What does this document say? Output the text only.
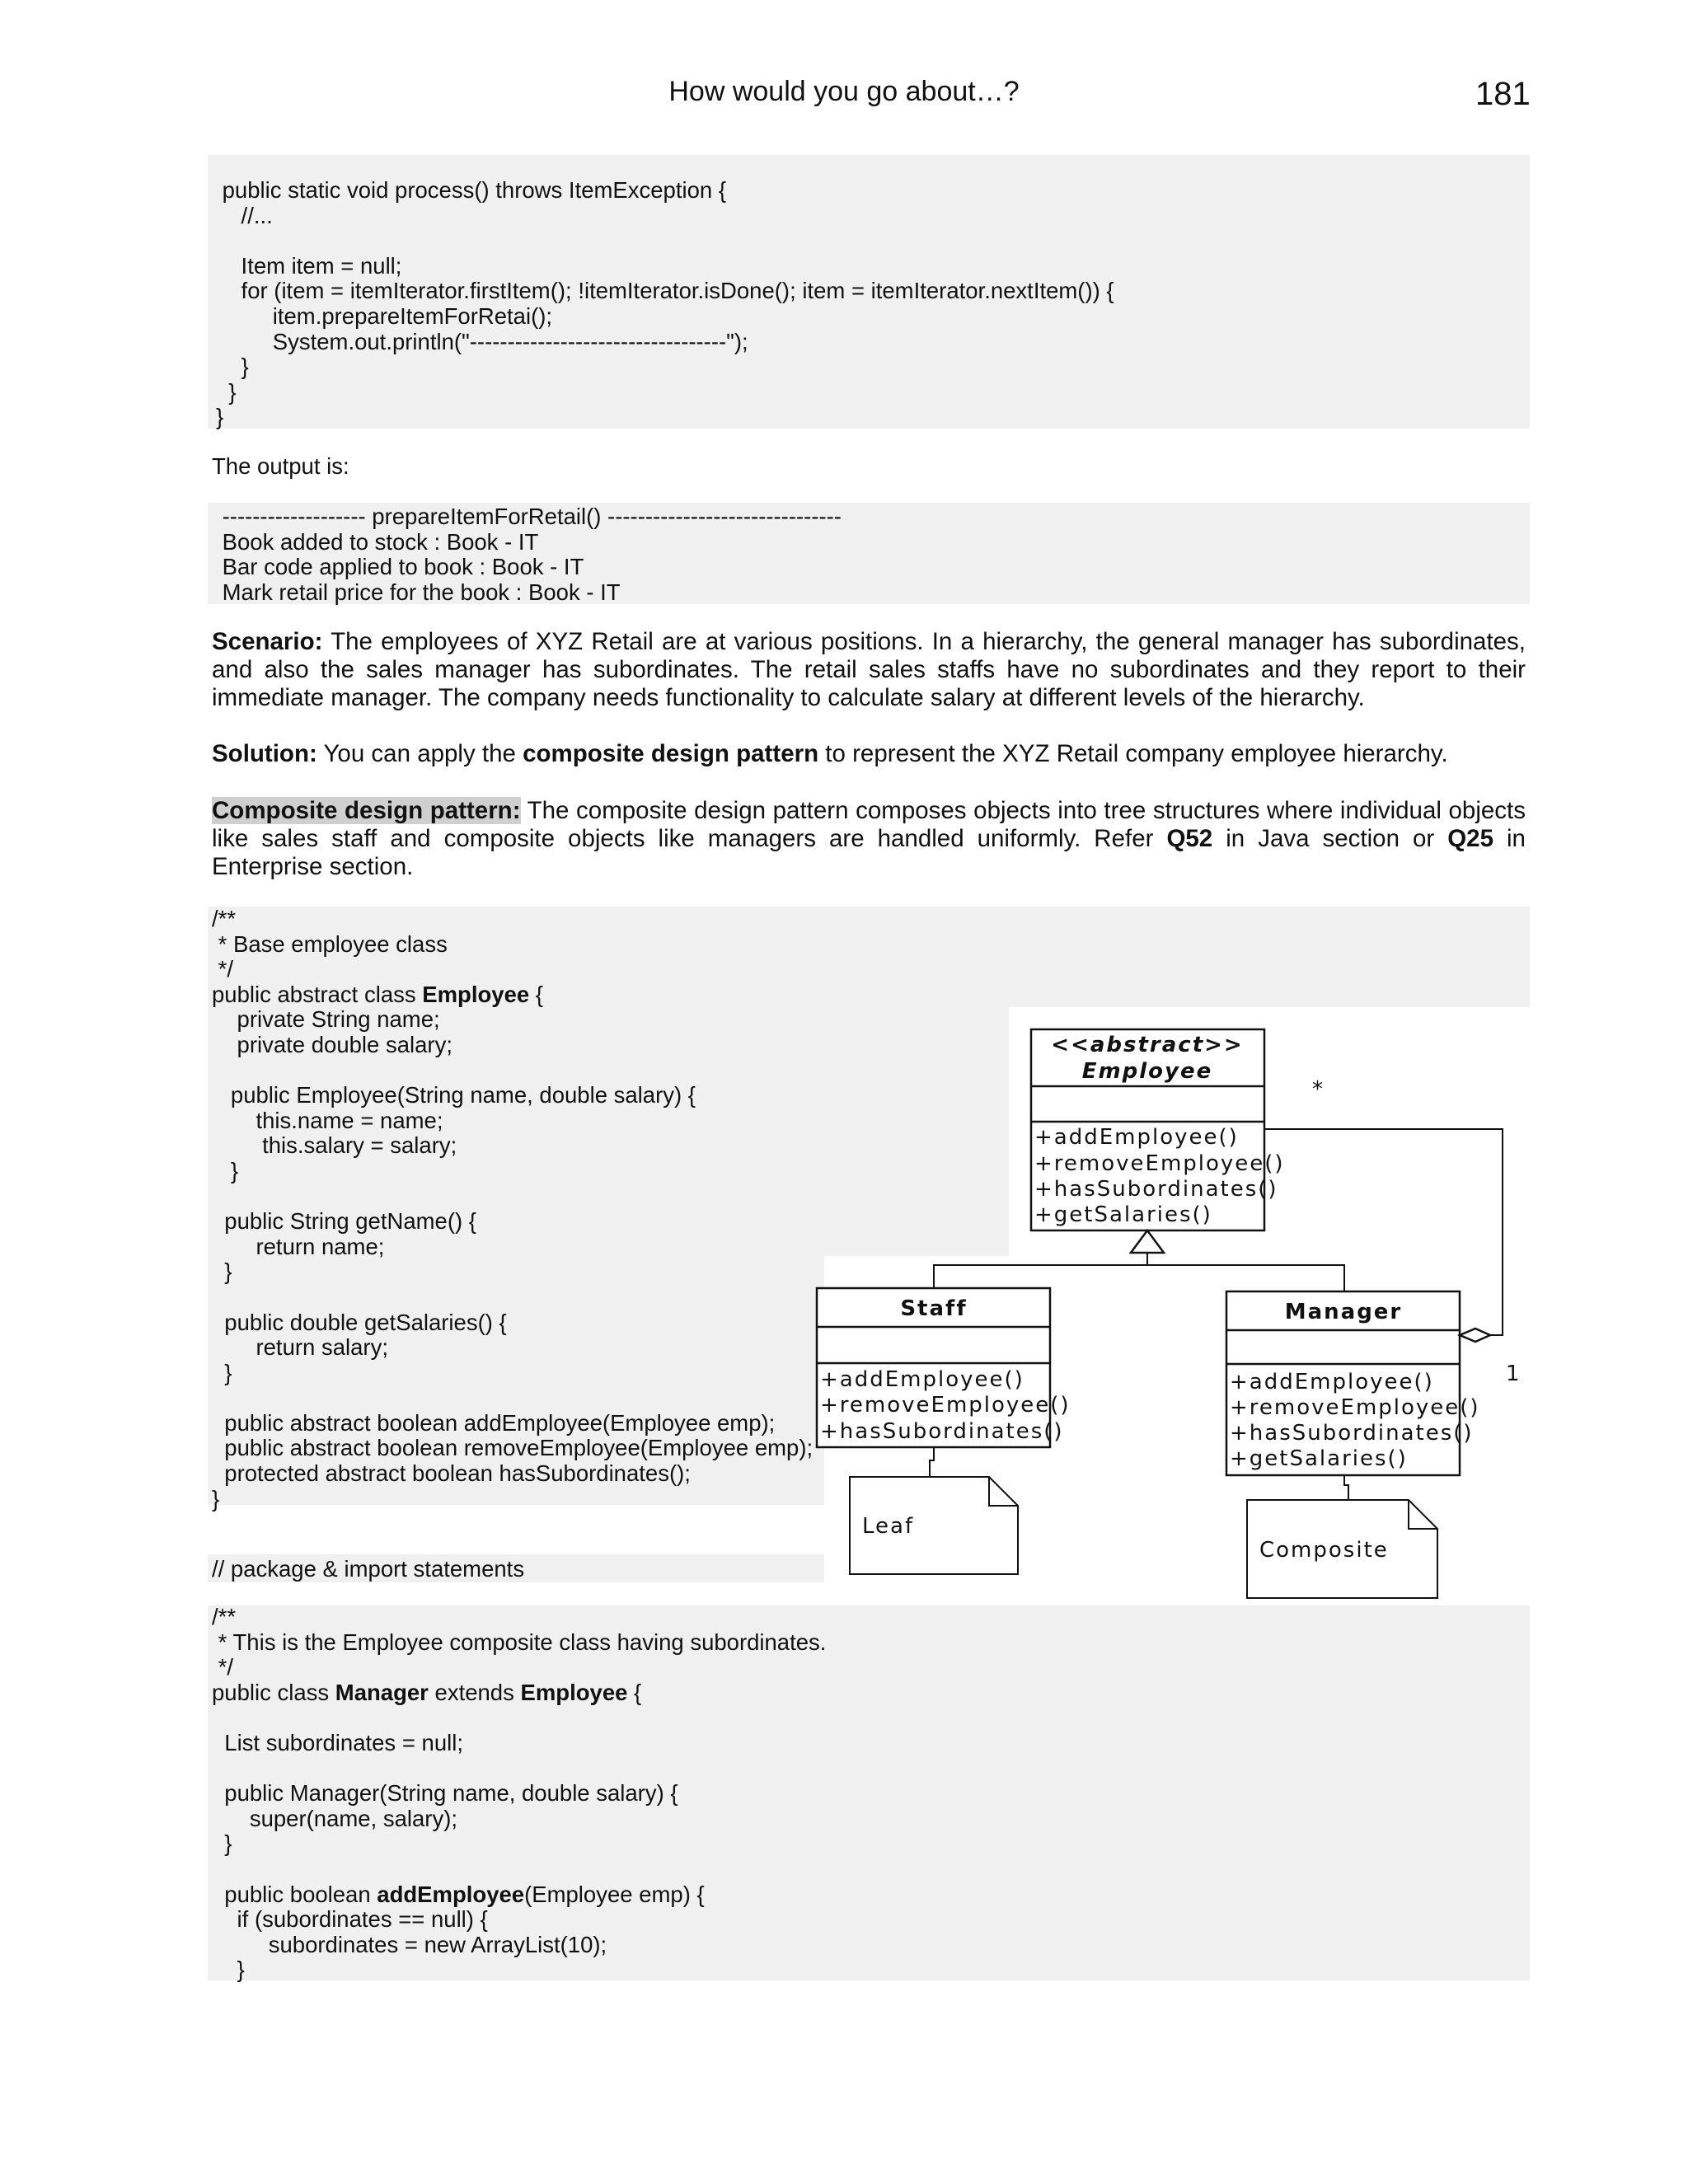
How would you go about…?	181
public static void process() throws ItemException {
//...

Item item = null;
for (item = itemIterator.firstItem(); !itemIterator.isDone(); item = itemIterator.nextItem()) {
item.prepareItemForRetai();
System.out.println("----------------------------------");
}
}
}
The output is:
------------------- prepareItemForRetail() -------------------------------
Book added to stock : Book - IT
Bar code applied to book : Book - IT
Mark retail price for the book : Book - IT

Scenario: The employees of XYZ Retail are at various positions. In a hierarchy, the general manager has subordinates, and also the sales manager has subordinates. The retail sales staffs have no subordinates and they report to their immediate manager. The company needs functionality to calculate salary at different levels of the hierarchy.

Solution: You can apply the composite design pattern to represent the XYZ Retail company employee hierarchy.

Composite design pattern: The composite design pattern composes objects into tree structures where individual objects like sales staff and composite objects like managers are handled uniformly. Refer Q52 in Java section or Q25 in Enterprise section.

/**
* Base employee class
*/
public abstract class Employee {
private String name;
private double salary;

public Employee(String name, double salary) {
this.name = name;
this.salary = salary;
}

public String getName() {
return name;
}

public double getSalaries() {
return salary;
}

public abstract boolean addEmployee(Employee emp);
public abstract boolean removeEmployee(Employee emp);
protected abstract boolean hasSubordinates();
}
// package & import statements
/**
* This is the Employee composite class having subordinates.
*/
public class Manager extends Employee {

List subordinates = null;

public Manager(String name, double salary) {
super(name, salary);
}

public boolean addEmployee(Employee emp) {
if (subordinates == null) {
subordinates = new ArrayList(10);
}
<<abstract>>
Employee
+addEmployee()
+removeEmployee()
+hasSubordinates()
+getSalaries()
Staff
+addEmployee()
+removeEmployee()
+hasSubordinates()
Manager
+addEmployee()
+removeEmployee()
+hasSubordinates()
+getSalaries()
Leaf
Composite
*
1
